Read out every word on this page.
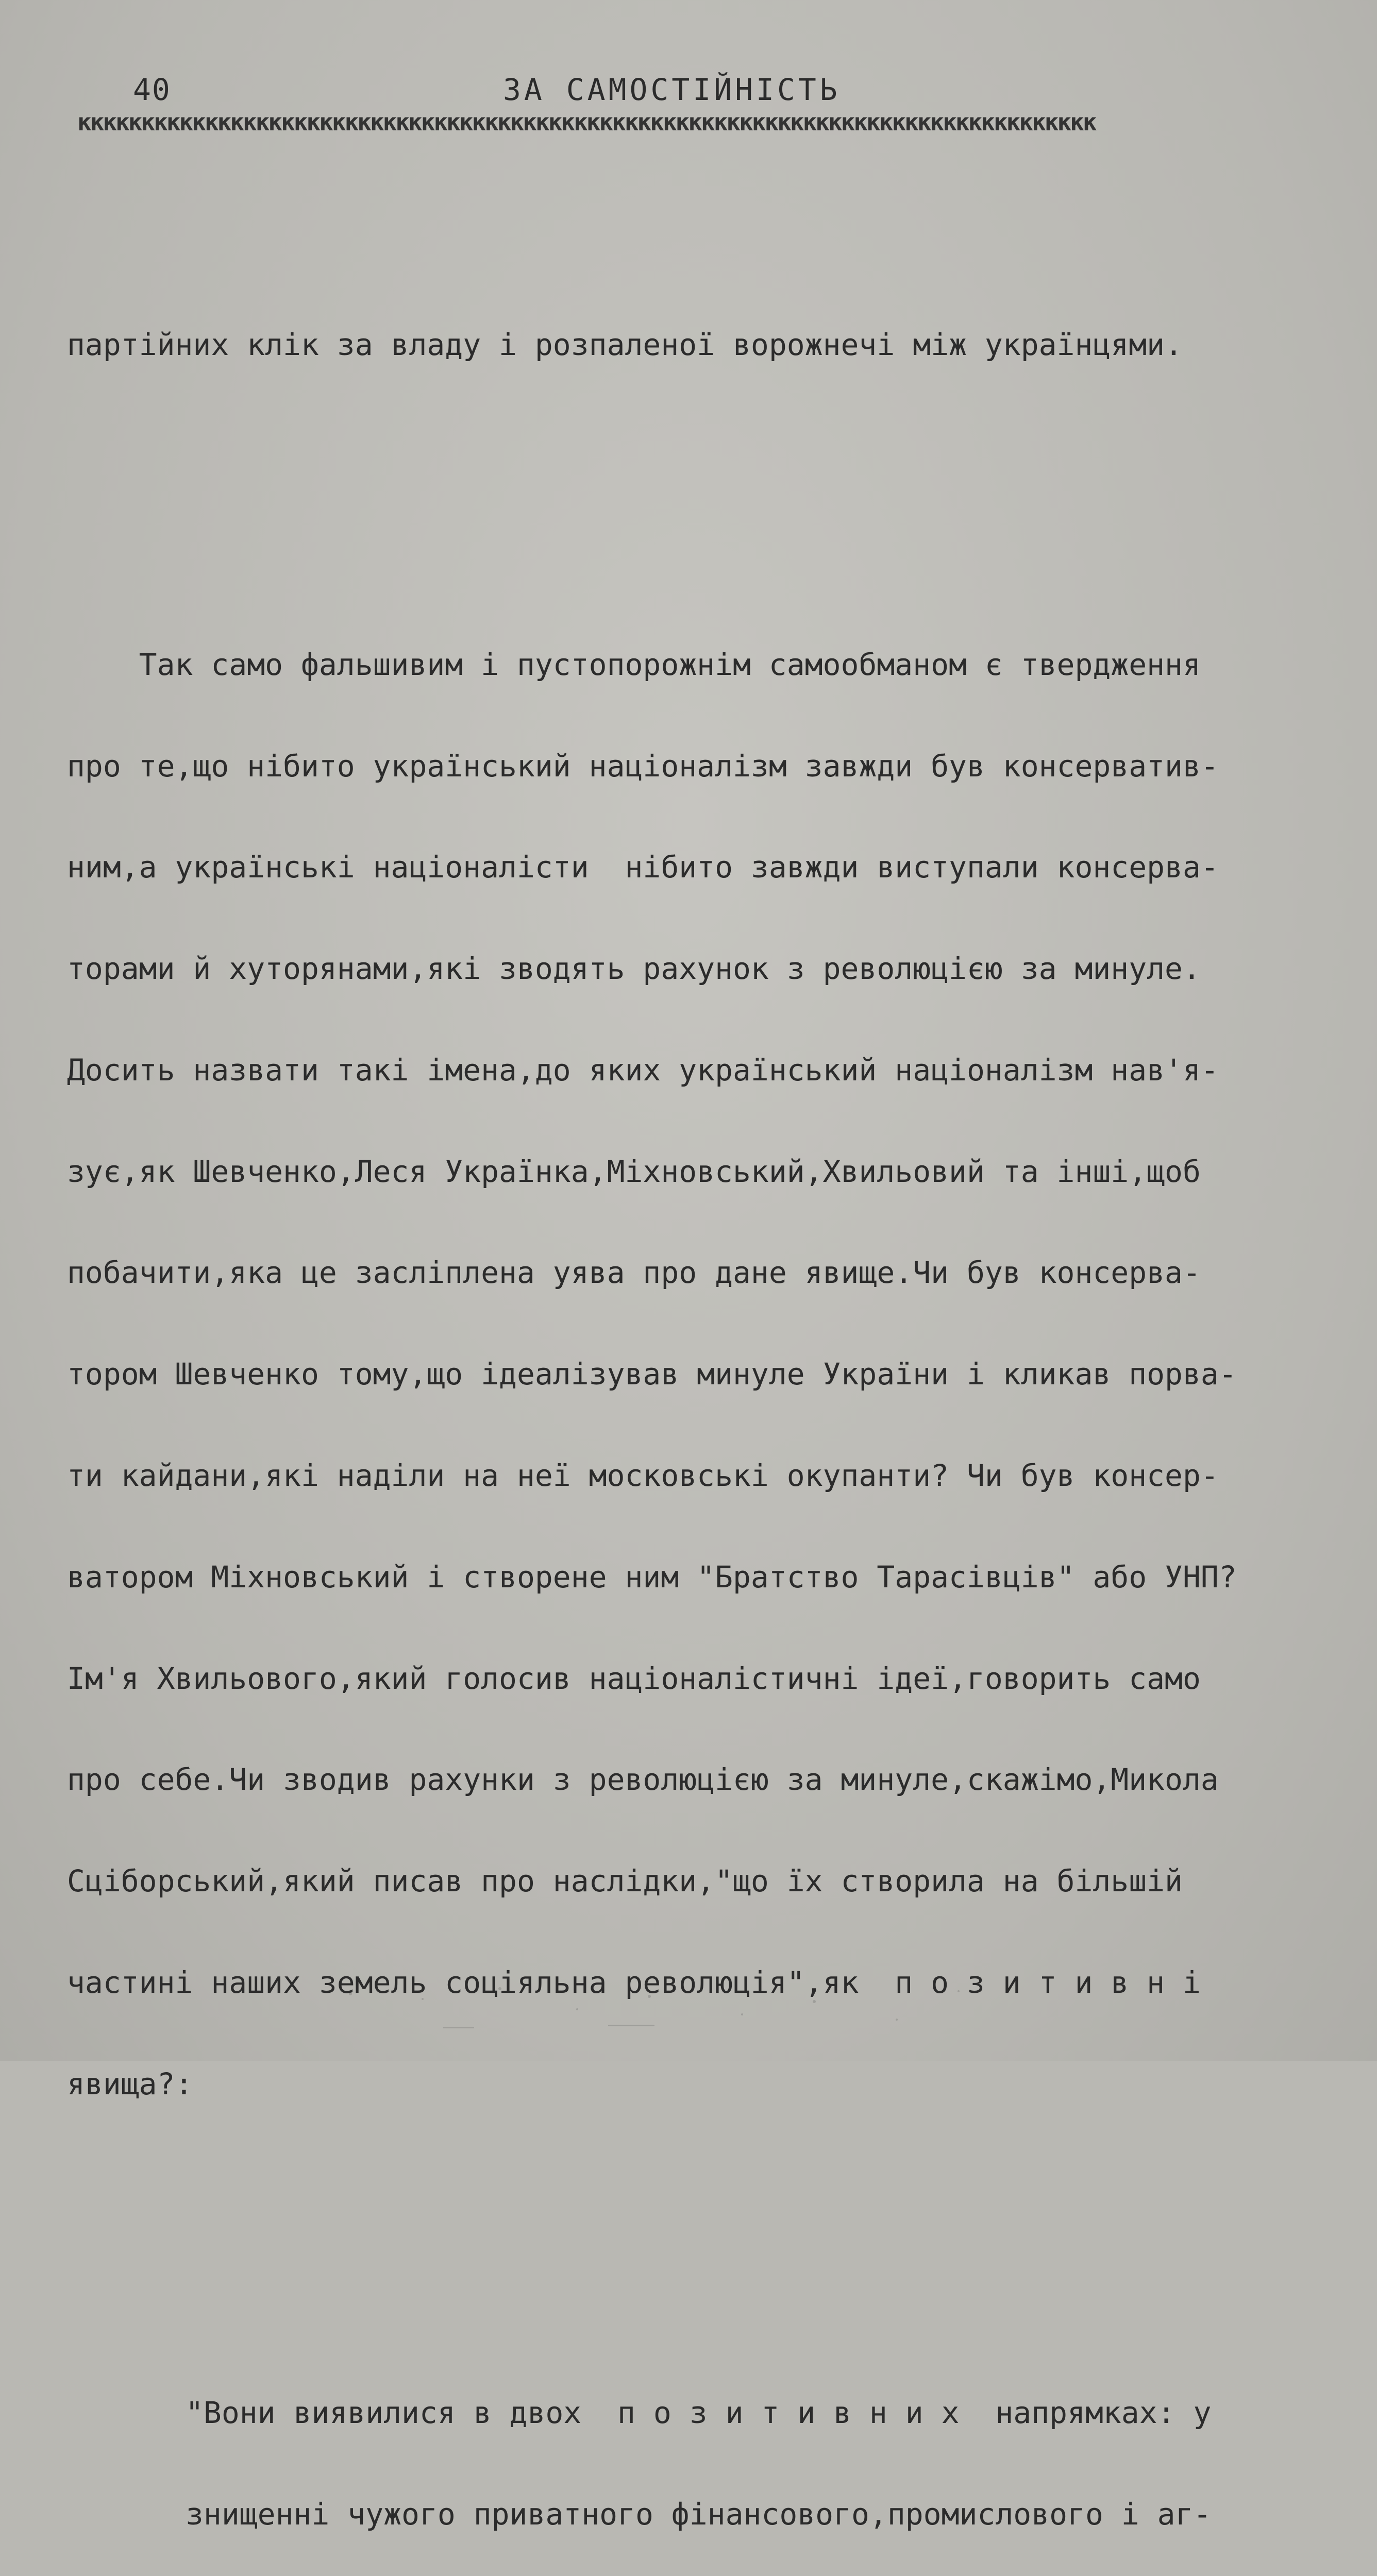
40	ЗА САМОСТІЙНІСТЬ
кккккккккккккккккккккккккккккккккккккккккккккккккккккккккккккккккккккккккккккккк

партійних клік за владу і розпаленої ворожнечі між українцями.

Так само фальшивим і пустопорожнім самообманом є твердження

про те,що нібито український націоналізм завжди був консерватив-

ним,а українські націоналісти  нібито завжди виступали консерва-

торами й хуторянами,які зводять рахунок з революцією за минуле.

Досить назвати такі імена,до яких український націоналізм нав'я-

зує,як Шевченко,Леся Українка,Міхновський,Хвильовий та інші,щоб

побачити,яка це засліплена уява про дане явище.Чи був консерва-

тором Шевченко тому,що ідеалізував минуле України і кликав порва-

ти кайдани,які наділи на неї московські окупанти? Чи був консер-

ватором Міхновський і створене ним "Братство Тарасівців" або УНП?

Ім'я Хвильового,який голосив націоналістичні ідеї,говорить само

про себе.Чи зводив рахунки з революцією за минуле,скажімо,Микола

Сціборський,який писав про наслідки,"що їх створила на більшій

частині наших земель соціяльна революція",як  п о з и т и в н і

явища?:

"Вони виявилися в двох  п о з и т и в н и х  напрямках: у

знищенні чужого приватного фінансового,промислового і аг-
